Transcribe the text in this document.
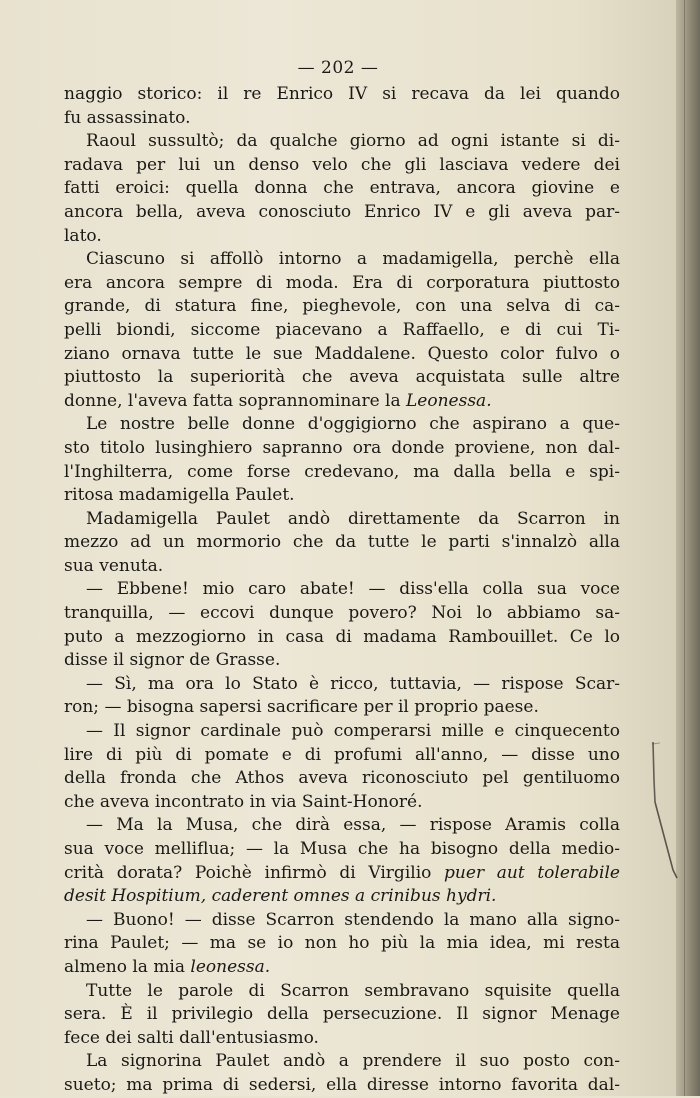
— 202 —

naggio storico: il re Enrico IV si recava da lei quando

fu assassinato.

Raoul sussultò; da qualche giorno ad ogni istante si di-

radava per lui un denso velo che gli lasciava vedere dei

fatti eroici: quella donna che entrava, ancora giovine e

ancora bella, aveva conosciuto Enrico IV e gli aveva par-

lato.

Ciascuno si affollò intorno a madamigella, perchè ella

era ancora sempre di moda. Era di corporatura piuttosto

grande, di statura fine, pieghevole, con una selva di ca-

pelli biondi, siccome piacevano a Raffaello, e di cui Ti-

ziano ornava tutte le sue Maddalene. Questo color fulvo o

piuttosto la superiorità che aveva acquistata sulle altre

donne, l'aveva fatta soprannominare la Leonessa.

Le nostre belle donne d'oggigiorno che aspirano a que-

sto titolo lusinghiero sapranno ora donde proviene, non dal-

l'Inghilterra, come forse credevano, ma dalla bella e spi-

ritosa madamigella Paulet.

Madamigella Paulet andò direttamente da Scarron in

mezzo ad un mormorio che da tutte le parti s'innalzò alla

sua venuta.

— Ebbene! mio caro abate! — diss'ella colla sua voce

tranquilla, — eccovi dunque povero? Noi lo abbiamo sa-

puto a mezzogiorno in casa di madama Rambouillet. Ce lo

disse il signor de Grasse.

— Sì, ma ora lo Stato è ricco, tuttavia, — rispose Scar-

ron; — bisogna sapersi sacrificare per il proprio paese.

— Il signor cardinale può comperarsi mille e cinquecento

lire di più di pomate e di profumi all'anno, — disse uno

della fronda che Athos aveva riconosciuto pel gentiluomo

che aveva incontrato in via Saint-Honoré.

— Ma la Musa, che dirà essa, — rispose Aramis colla

sua voce melliflua; — la Musa che ha bisogno della medio-

crità dorata? Poichè infirmò di Virgilio puer aut tolerabile

desit Hospitium, caderent omnes a crinibus hydri.

— Buono! — disse Scarron stendendo la mano alla signo-

rina Paulet; — ma se io non ho più la mia idea, mi resta

almeno la mia leonessa.

Tutte le parole di Scarron sembravano squisite quella

sera. È il privilegio della persecuzione. Il signor Menage

fece dei salti dall'entusiasmo.

La signorina Paulet andò a prendere il suo posto con-

sueto; ma prima di sedersi, ella diresse intorno favorita dal-
